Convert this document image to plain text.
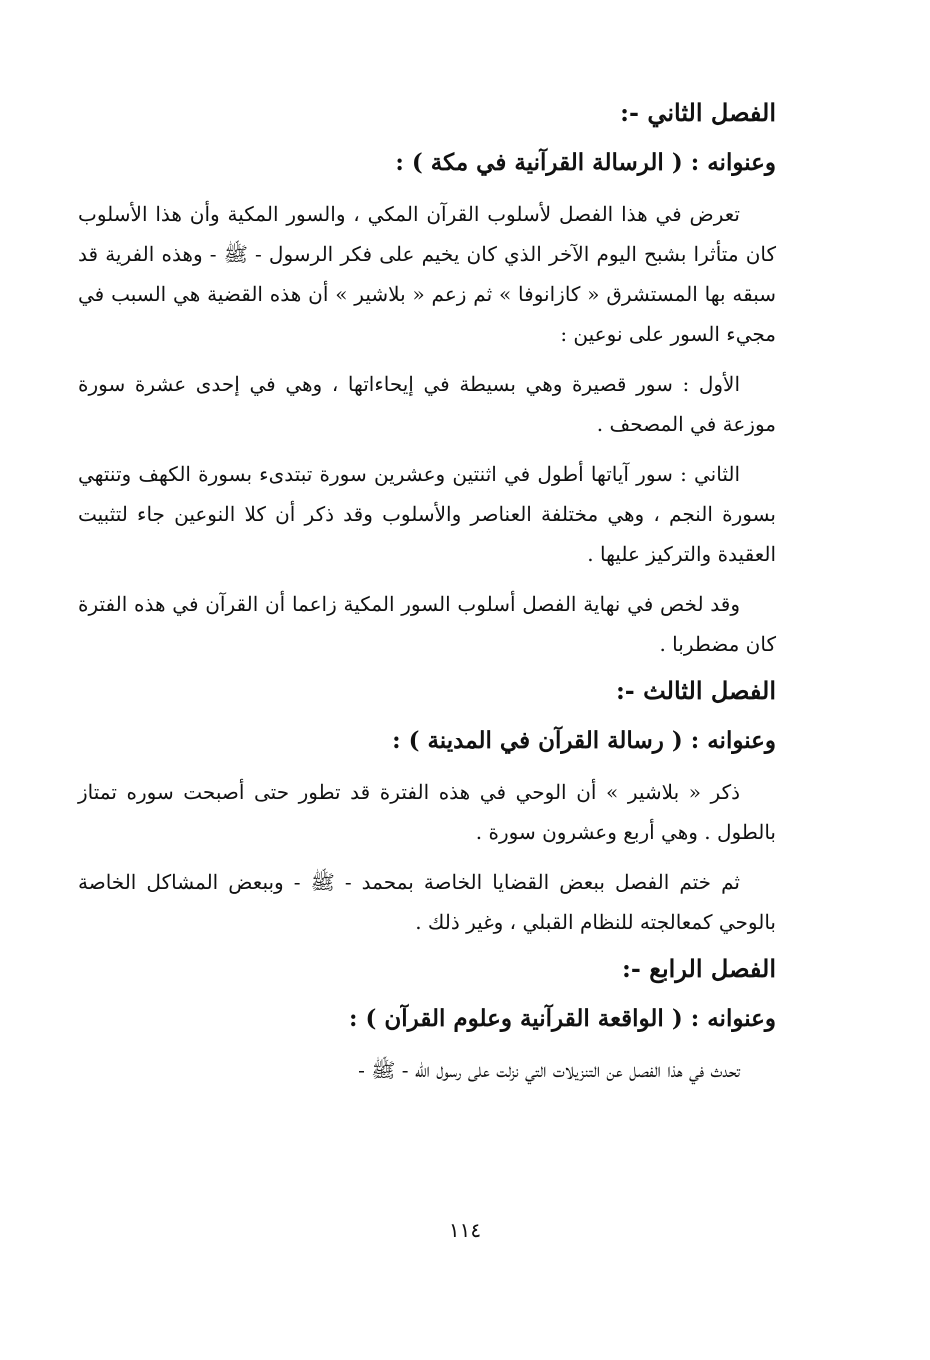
الفصل الثاني -:
وعنوانه : ( الرسالة القرآنية في مكة ) :

تعرض في هذا الفصل لأسلوب القرآن المكي ، والسور المكية وأن هذا الأسلوب كان متأثرا بشبح اليوم الآخر الذي كان يخيم على فكر الرسول - ﷺ - وهذه الفرية قد سبقه بها المستشرق « كازانوفا » ثم زعم « بلاشير » أن هذه القضية هي السبب في مجيء السور على نوعين :

الأول : سور قصيرة وهي بسيطة في إيحاءاتها ، وهي في إحدى عشرة سورة موزعة في المصحف .

الثاني : سور آياتها أطول في اثنتين وعشرين سورة تبتدىء بسورة الكهف وتنتهي بسورة النجم ، وهي مختلفة العناصر والأسلوب وقد ذكر أن كلا النوعين جاء لتثبيت العقيدة والتركيز عليها .

وقد لخص في نهاية الفصل أسلوب السور المكية زاعما أن القرآن في هذه الفترة كان مضطربا .

الفصل الثالث -:
وعنوانه : ( رسالة القرآن في المدينة ) :

ذكر « بلاشير » أن الوحي في هذه الفترة قد تطور حتى أصبحت سوره تمتاز بالطول . وهي أربع وعشرون سورة .

ثم ختم الفصل ببعض القضايا الخاصة بمحمد - ﷺ - وببعض المشاكل الخاصة بالوحي كمعالجته للنظام القبلي ، وغير ذلك .

الفصل الرابع -:
وعنوانه : ( الواقعة القرآنية وعلوم القرآن ) :

تحدث في هذا الفصل عن التنزيلات التي نزلت على رسول الله - ﷺ -

١١٤
